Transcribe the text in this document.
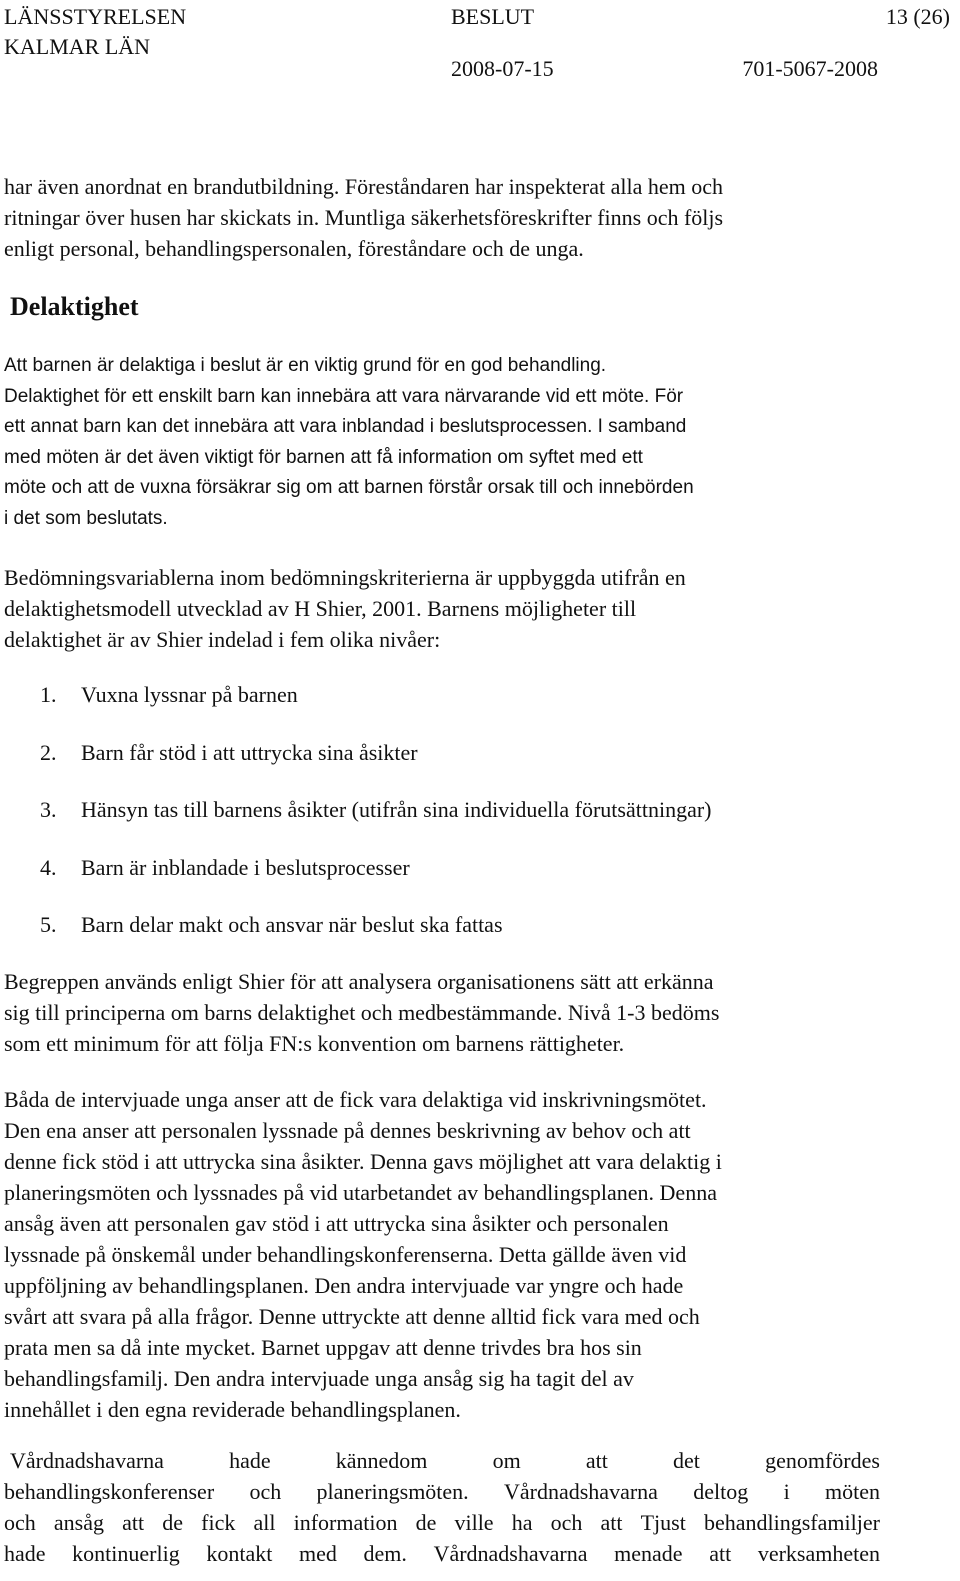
LÄNSSTYRELSEN
KALMAR LÄN
BESLUT
2008-07-15
13 (26)
701-5067-2008
har även anordnat en brandutbildning. Föreståndaren har inspekterat alla hem och
ritningar över husen har skickats in. Muntliga säkerhetsföreskrifter finns och följs
enligt personal, behandlingspersonalen, föreståndare och de unga.
Delaktighet
Att barnen är delaktiga i beslut är en viktig grund för en god behandling.
Delaktighet för ett enskilt barn kan innebära att vara närvarande vid ett möte. För
ett annat barn kan det innebära att vara inblandad i beslutsprocessen. I samband
med möten är det även viktigt för barnen att få information om syftet med ett
möte och att de vuxna försäkrar sig om att barnen förstår orsak till och innebörden
i det som beslutats.
Bedömningsvariablerna inom bedömningskriterierna är uppbyggda utifrån en
delaktighetsmodell utvecklad av H Shier, 2001. Barnens möjligheter till
delaktighet är av Shier indelad i fem olika nivåer:
1. Vuxna lyssnar på barnen
2. Barn får stöd i att uttrycka sina åsikter
3. Hänsyn tas till barnens åsikter (utifrån sina individuella förutsättningar)
4. Barn är inblandade i beslutsprocesser
5. Barn delar makt och ansvar när beslut ska fattas
Begreppen används enligt Shier för att analysera organisationens sätt att erkänna
sig till principerna om barns delaktighet och medbestämmande. Nivå 1-3 bedöms
som ett minimum för att följa FN:s konvention om barnens rättigheter.
Båda de intervjuade unga anser att de fick vara delaktiga vid inskrivningsmötet.
Den ena anser att personalen lyssnade på dennes beskrivning av behov och att
denne fick stöd i att uttrycka sina åsikter. Denna gavs möjlighet att vara delaktig i
planeringsmöten och lyssnades på vid utarbetandet av behandlingsplanen. Denna
ansåg även att personalen gav stöd i att uttrycka sina åsikter och personalen
lyssnade på önskemål under behandlingskonferenserna. Detta gällde även vid
uppföljning av behandlingsplanen. Den andra intervjuade var yngre och hade
svårt att svara på alla frågor. Denne uttryckte att denne alltid fick vara med och
prata men sa då inte mycket. Barnet uppgav att denne trivdes bra hos sin
behandlingsfamilj. Den andra intervjuade unga ansåg sig ha tagit del av
innehållet i den egna reviderade behandlingsplanen.
Vårdnadshavarna	hade	kännedom	om	att	det	genomfördes
behandlingskonferenser och planeringsmöten. Vårdnadshavarna deltog i möten
och ansåg att de fick all information de ville ha och att Tjust behandlingsfamiljer
hade kontinuerlig kontakt med dem. Vårdnadshavarna menade att verksamheten
